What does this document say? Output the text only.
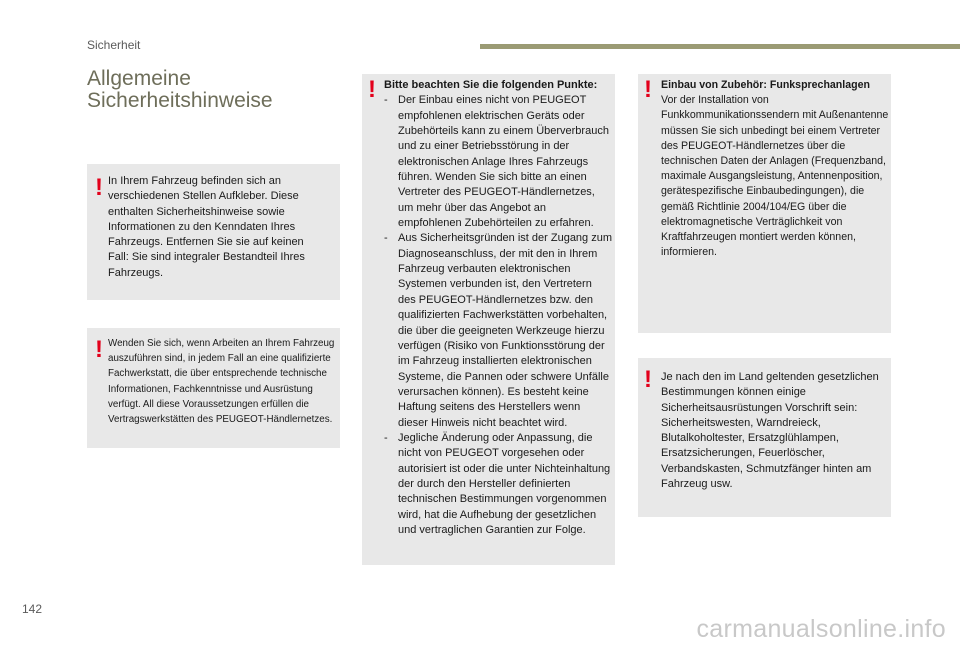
Sicherheit
Allgemeine
Sicherheitshinweise
! In Ihrem Fahrzeug befinden sich an verschiedenen Stellen Aufkleber. Diese enthalten Sicherheitshinweise sowie Informationen zu den Kenndaten Ihres Fahrzeugs. Entfernen Sie sie auf keinen Fall: Sie sind integraler Bestandteil Ihres Fahrzeugs.
! Wenden Sie sich, wenn Arbeiten an Ihrem Fahrzeug auszuführen sind, in jedem Fall an eine qualifizierte Fachwerkstatt, die über entsprechende technische Informationen, Fachkenntnisse und Ausrüstung verfügt. All diese Voraussetzungen erfüllen die Vertragswerkstätten des PEUGEOT-Händlernetzes.
! Bitte beachten Sie die folgenden Punkte:
- Der Einbau eines nicht von PEUGEOT empfohlenen elektrischen Geräts oder Zubehörteils kann zu einem Überverbrauch und zu einer Betriebsstörung in der elektronischen Anlage Ihres Fahrzeugs führen. Wenden Sie sich bitte an einen Vertreter des PEUGEOT-Händlernetzes, um mehr über das Angebot an empfohlenen Zubehörteilen zu erfahren.
- Aus Sicherheitsgründen ist der Zugang zum Diagnoseanschluss, der mit den in Ihrem Fahrzeug verbauten elektronischen Systemen verbunden ist, den Vertretern des PEUGEOT-Händlernetzes bzw. den qualifizierten Fachwerkstätten vorbehalten, die über die geeigneten Werkzeuge hierzu verfügen (Risiko von Funktionsstörung der im Fahrzeug installierten elektronischen Systeme, die Pannen oder schwere Unfälle verursachen können). Es besteht keine Haftung seitens des Herstellers wenn dieser Hinweis nicht beachtet wird.
- Jegliche Änderung oder Anpassung, die nicht von PEUGEOT vorgesehen oder autorisiert ist oder die unter Nichteinhaltung der durch den Hersteller definierten technischen Bestimmungen vorgenommen wird, hat die Aufhebung der gesetzlichen und vertraglichen Garantien zur Folge.
! Einbau von Zubehör: Funksprechanlagen
Vor der Installation von Funkkommunikationssendern mit Außenantenne müssen Sie sich unbedingt bei einem Vertreter des PEUGEOT-Händlernetzes über die technischen Daten der Anlagen (Frequenzband, maximale Ausgangsleistung, Antennenposition, gerätespezifische Einbaubedingungen), die gemäß Richtlinie 2004/104/EG über die elektromagnetische Verträglichkeit von Kraftfahrzeugen montiert werden können, informieren.
! Je nach den im Land geltenden gesetzlichen Bestimmungen können einige Sicherheitsausrüstungen Vorschrift sein: Sicherheitswesten, Warndreieck, Blutalkoholtester, Ersatzglühlampen, Ersatzsicherungen, Feuerlöscher, Verbandskasten, Schmutzfänger hinten am Fahrzeug usw.
142
carmanualsonline.info
